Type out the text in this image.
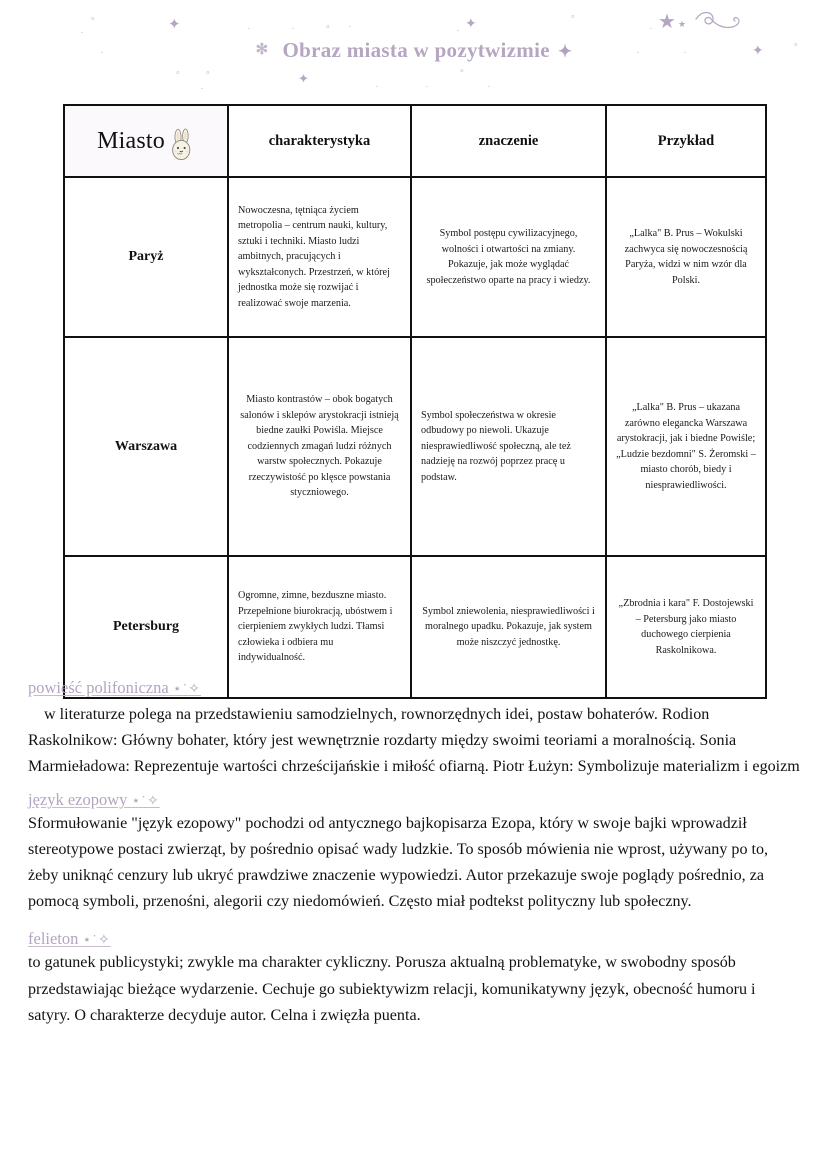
✦	✦
✦
✦
★ ★
∘
∘
∘
∘
∘	∘	∘
·	·	·	·	·	·
·	·	·
·	·	·	·
✻ Obraz miasta w pozytwizmie ✦
Miasto	charakterystyka	znaczenie	Przykład
Paryż	Nowoczesna, tętniąca życiem metropolia – centrum nauki, kultury, sztuki i techniki. Miasto ludzi ambitnych, pracujących i wykształconych. Przestrzeń, w której jednostka może się rozwijać i realizować swoje marzenia.	Symbol postępu cywilizacyjnego, wolności i otwartości na zmiany. Pokazuje, jak może wyglądać społeczeństwo oparte na pracy i wiedzy.	„Lalka" B. Prus – Wokulski zachwyca się nowoczesnością Paryża, widzi w nim wzór dla Polski.
Warszawa	Miasto kontrastów – obok bogatych salonów i sklepów arystokracji istnieją biedne zaułki Powiśla. Miejsce codziennych zmagań ludzi różnych warstw społecznych. Pokazuje rzeczywistość po klęsce powstania styczniowego.	Symbol społeczeństwa w okresie odbudowy po niewoli. Ukazuje niesprawiedliwość społeczną, ale też nadzieję na rozwój poprzez pracę u podstaw.	„Lalka" B. Prus – ukazana zarówno elegancka Warszawa arystokracji, jak i biedne Powiśle; „Ludzie bezdomni" S. Żeromski – miasto chorób, biedy i niesprawiedliwości.
Petersburg	Ogromne, zimne, bezduszne miasto. Przepełnione biurokracją, ubóstwem i cierpieniem zwykłych ludzi. Tłamsi człowieka i odbiera mu indywidualność.	Symbol zniewolenia, niesprawiedliwości i moralnego upadku. Pokazuje, jak system może niszczyć jednostkę.	„Zbrodnia i kara" F. Dostojewski – Petersburg jako miasto duchowego cierpienia Raskolnikowa.
powieść polifoniczna ⋆˙✧
w literaturze polega na przedstawieniu samodzielnych, rownorzędnych idei, postaw bohaterów. Rodion Raskolnikow: Główny bohater, który jest wewnętrznie rozdarty między swoimi teoriami a moralnością. Sonia Marmieładowa: Reprezentuje wartości chrześcijańskie i miłość ofiarną. Piotr Łużyn: Symbolizuje materializm i egoizm
język ezopowy ⋆˙✧
Sformułowanie "język ezopowy" pochodzi od antycznego bajkopisarza Ezopa, który w swoje bajki wprowadził stereotypowe postaci zwierząt, by pośrednio opisać wady ludzkie. To sposób mówienia nie wprost, używany po to, żeby uniknąć cenzury lub ukryć prawdziwe znaczenie wypowiedzi. Autor przekazuje swoje poglądy pośrednio, za pomocą symboli, przenośni, alegorii czy niedomówień. Często miał podtekst polityczny lub społeczny.
felieton ⋆˙✧
to gatunek publicystyki; zwykle ma charakter cykliczny. Porusza aktualną problematyke, w swobodny sposób przedstawiając bieżące wydarzenie. Cechuje go subiektywizm relacji, komunikatywny język, obecność humoru i satyry. O charakterze decyduje autor. Celna i zwięzła puenta.
